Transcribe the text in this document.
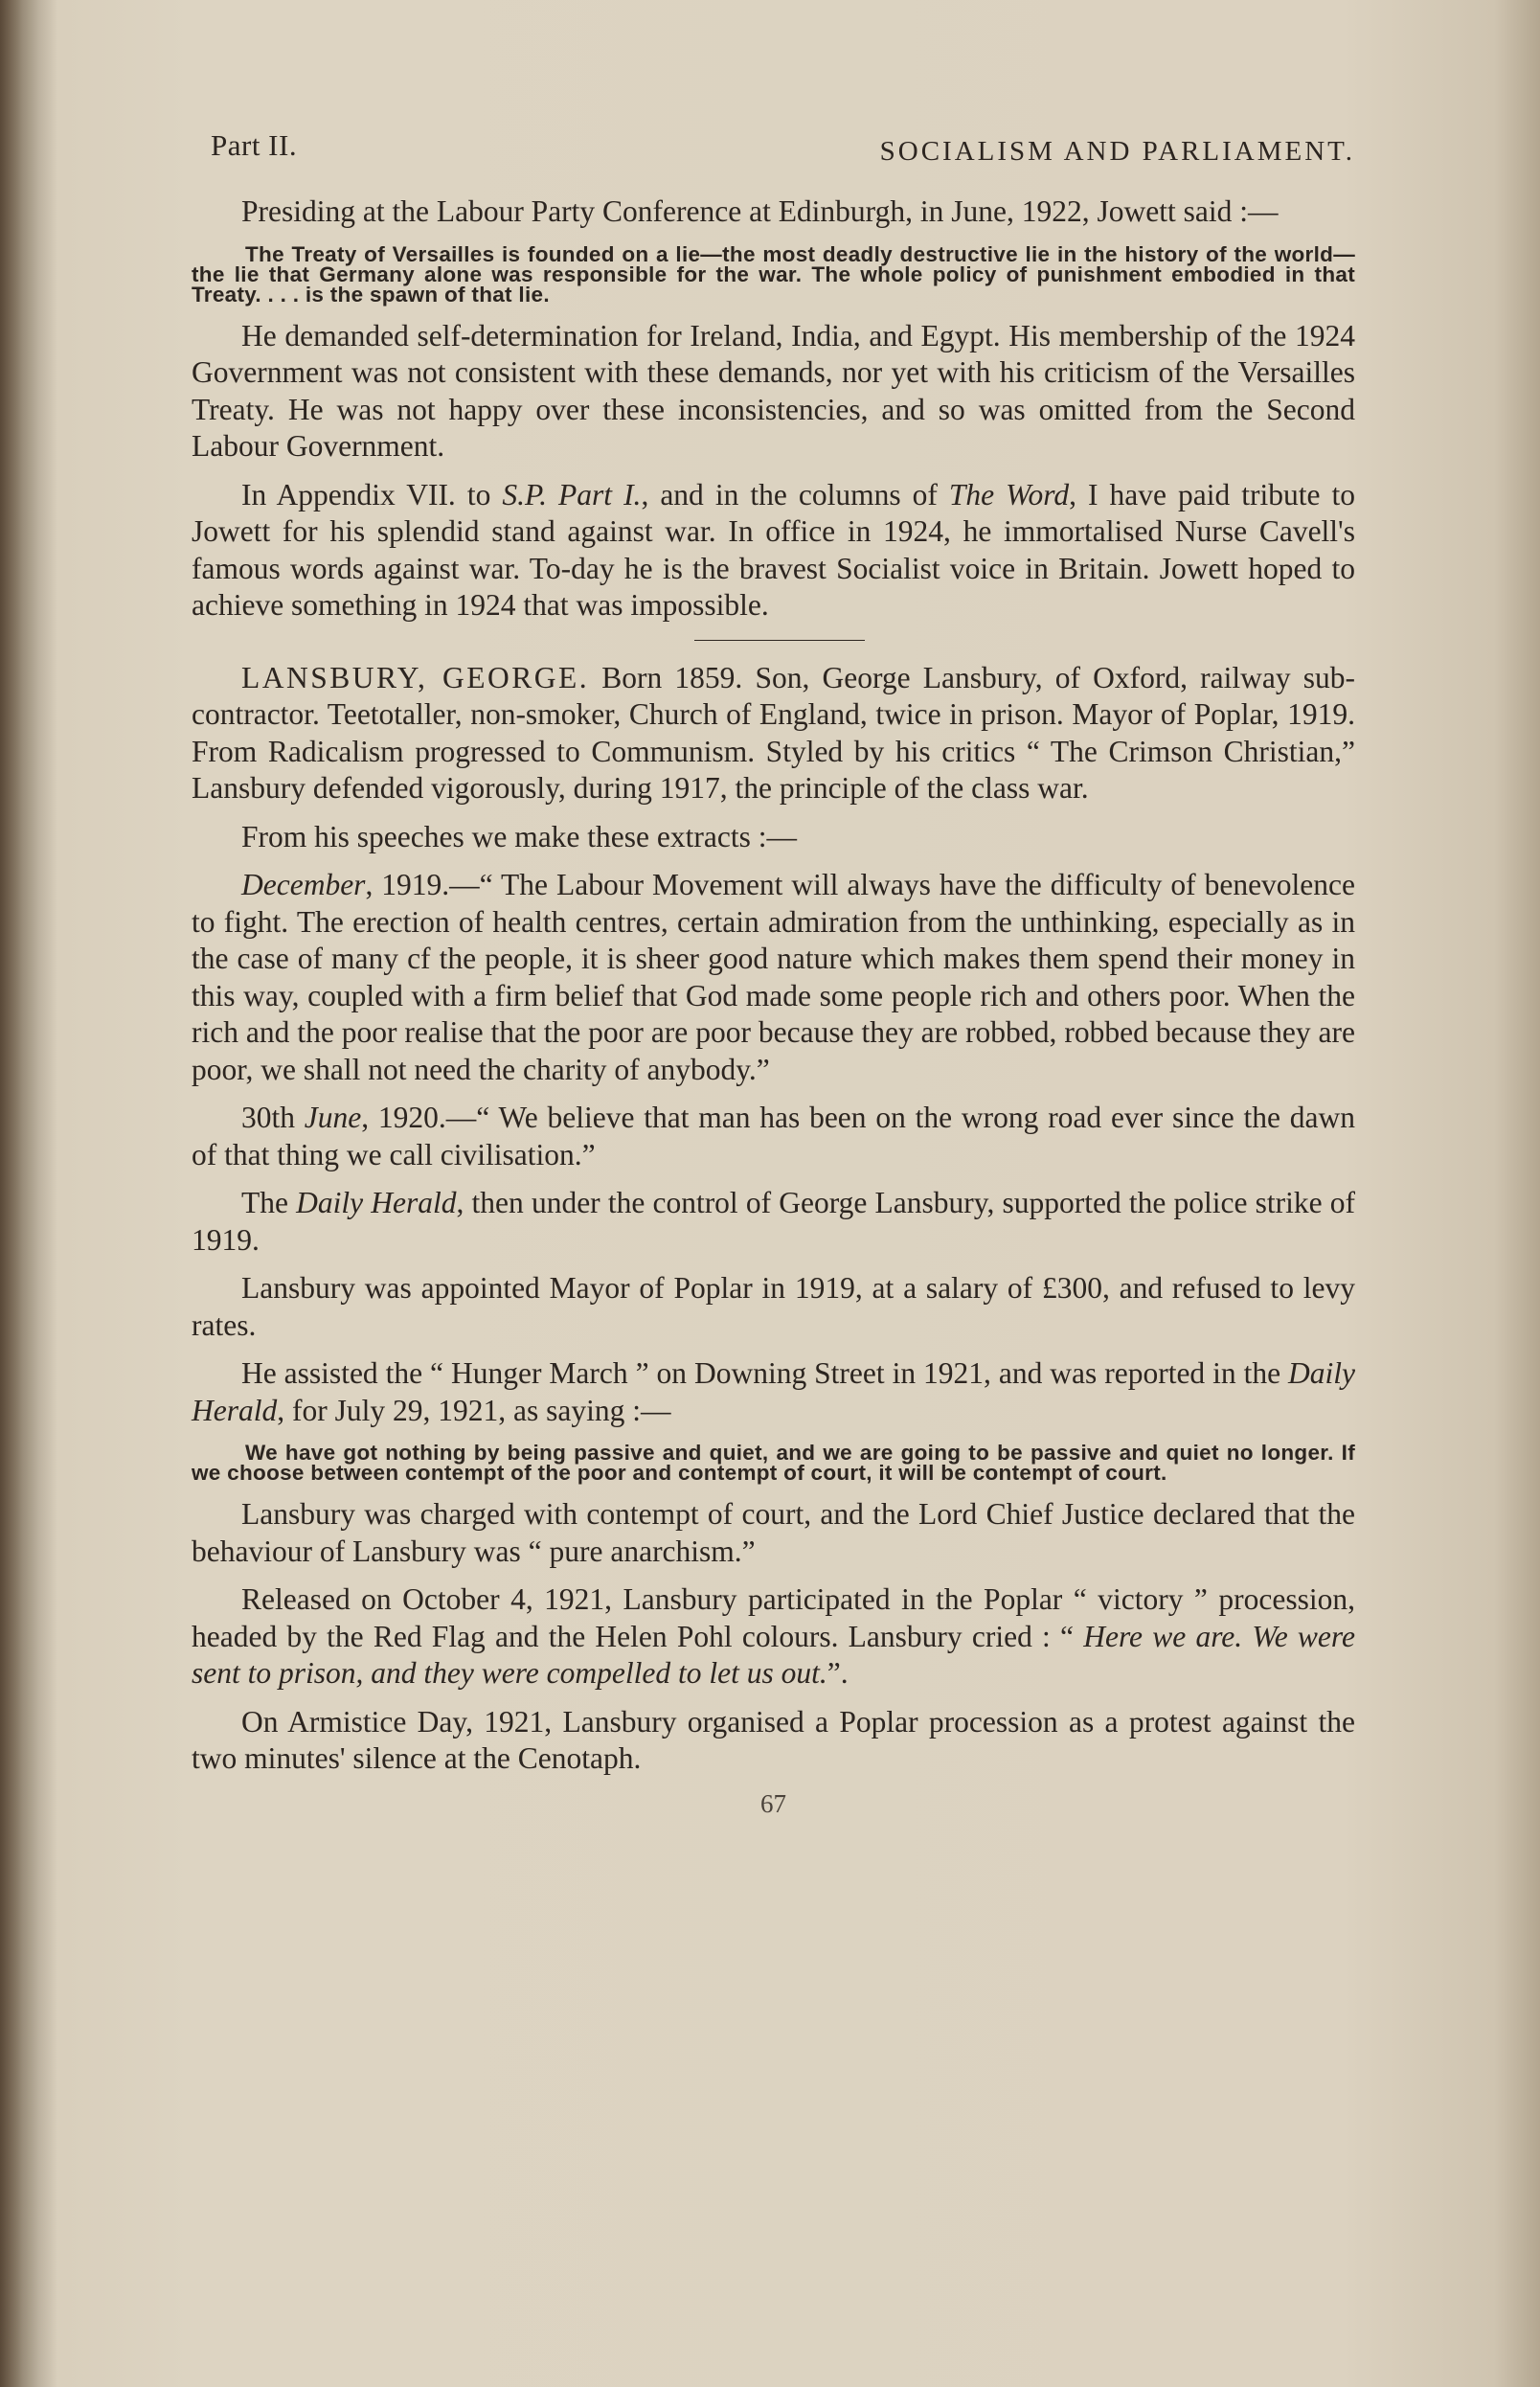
Part II.	SOCIALISM AND PARLIAMENT.

Presiding at the Labour Party Conference at Edinburgh, in June, 1922, Jowett said :—

The Treaty of Versailles is founded on a lie—the most deadly destructive lie in the history of the world—the lie that Germany alone was responsible for the war. The whole policy of punishment embodied in that Treaty. . . . is the spawn of that lie.

He demanded self-determination for Ireland, India, and Egypt. His membership of the 1924 Government was not consistent with these demands, nor yet with his criticism of the Versailles Treaty. He was not happy over these inconsistencies, and so was omitted from the Second Labour Government.

In Appendix VII. to S.P. Part I., and in the columns of The Word, I have paid tribute to Jowett for his splendid stand against war. In office in 1924, he immortalised Nurse Cavell's famous words against war. To-day he is the bravest Socialist voice in Britain. Jowett hoped to achieve something in 1924 that was impossible.

LANSBURY, GEORGE. Born 1859. Son, George Lansbury, of Oxford, railway sub-contractor. Teetotaller, non-smoker, Church of England, twice in prison. Mayor of Poplar, 1919. From Radicalism progressed to Communism. Styled by his critics “ The Crimson Christian,” Lansbury defended vigorously, during 1917, the principle of the class war.

From his speeches we make these extracts :—

December, 1919.—“ The Labour Movement will always have the difficulty of benevolence to fight. The erection of health centres, certain admiration from the unthinking, especially as in the case of many cf the people, it is sheer good nature which makes them spend their money in this way, coupled with a firm belief that God made some people rich and others poor. When the rich and the poor realise that the poor are poor because they are robbed, robbed because they are poor, we shall not need the charity of anybody.”

30th June, 1920.—“ We believe that man has been on the wrong road ever since the dawn of that thing we call civilisation.”

The Daily Herald, then under the control of George Lansbury, supported the police strike of 1919.

Lansbury was appointed Mayor of Poplar in 1919, at a salary of £300, and refused to levy rates.

He assisted the “ Hunger March ” on Downing Street in 1921, and was reported in the Daily Herald, for July 29, 1921, as saying :—

We have got nothing by being passive and quiet, and we are going to be passive and quiet no longer. If we choose between contempt of the poor and contempt of court, it will be contempt of court.

Lansbury was charged with contempt of court, and the Lord Chief Justice declared that the behaviour of Lansbury was “ pure anarchism.”

Released on October 4, 1921, Lansbury participated in the Poplar “ victory ” procession, headed by the Red Flag and the Helen Pohl colours. Lansbury cried : “ Here we are. We were sent to prison, and they were compelled to let us out.”.

On Armistice Day, 1921, Lansbury organised a Poplar procession as a protest against the two minutes' silence at the Cenotaph.

67
